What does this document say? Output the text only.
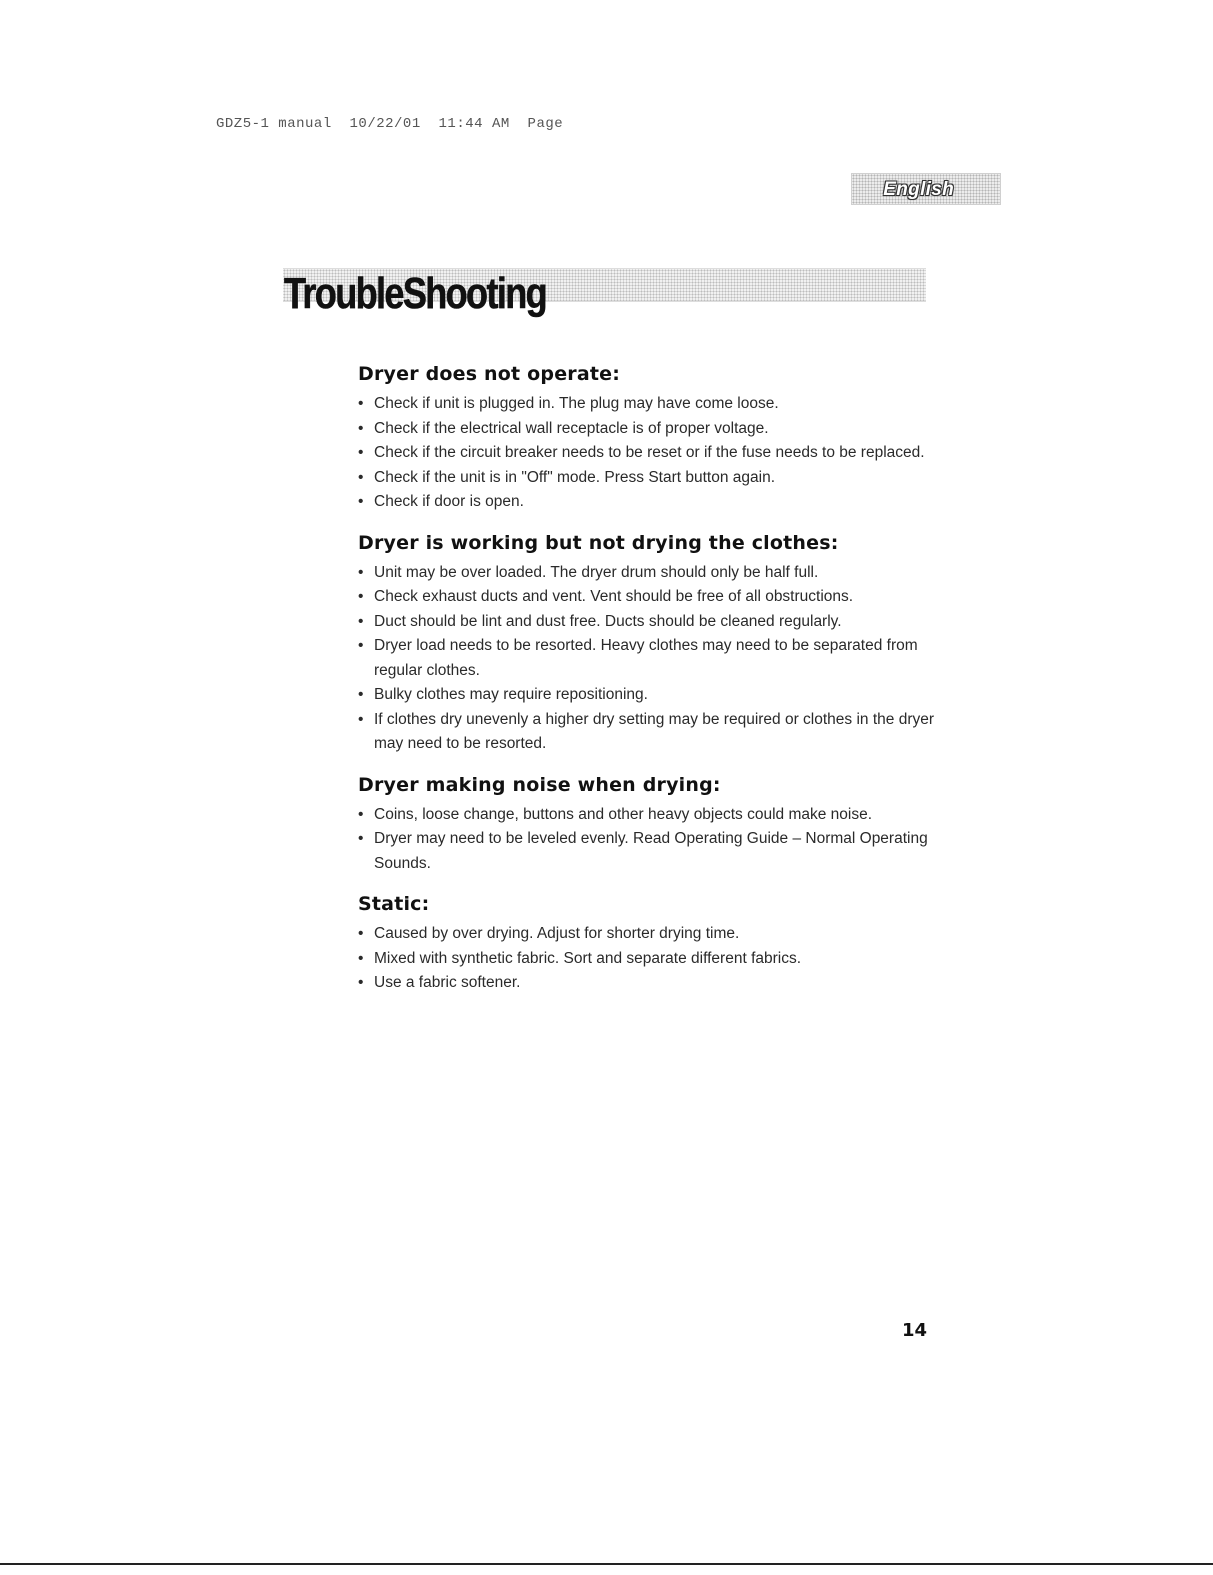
GDZ5-1 manual  10/22/01  11:44 AM  Page
English
TroubleShooting
Dryer does not operate:
• Check if unit is plugged in. The plug may have come loose.
• Check if the electrical wall receptacle is of proper voltage.
• Check if the circuit breaker needs to be reset or if the fuse needs to be replaced.
• Check if the unit is in "Off" mode. Press Start button again.
• Check if door is open.
Dryer is working but not drying the clothes:
• Unit may be over loaded. The dryer drum should only be half full.
• Check exhaust ducts and vent. Vent should be free of all obstructions.
• Duct should be lint and dust free. Ducts should be cleaned regularly.
• Dryer load needs to be resorted. Heavy clothes may need to be separated from regular clothes.
• Bulky clothes may require repositioning.
• If clothes dry unevenly a higher dry setting may be required or clothes in the dryer may need to be resorted.
Dryer making noise when drying:
• Coins, loose change, buttons and other heavy objects could make noise.
• Dryer may need to be leveled evenly. Read Operating Guide – Normal Operating Sounds.
Static:
• Caused by over drying. Adjust for shorter drying time.
• Mixed with synthetic fabric. Sort and separate different fabrics.
• Use a fabric softener.
14
